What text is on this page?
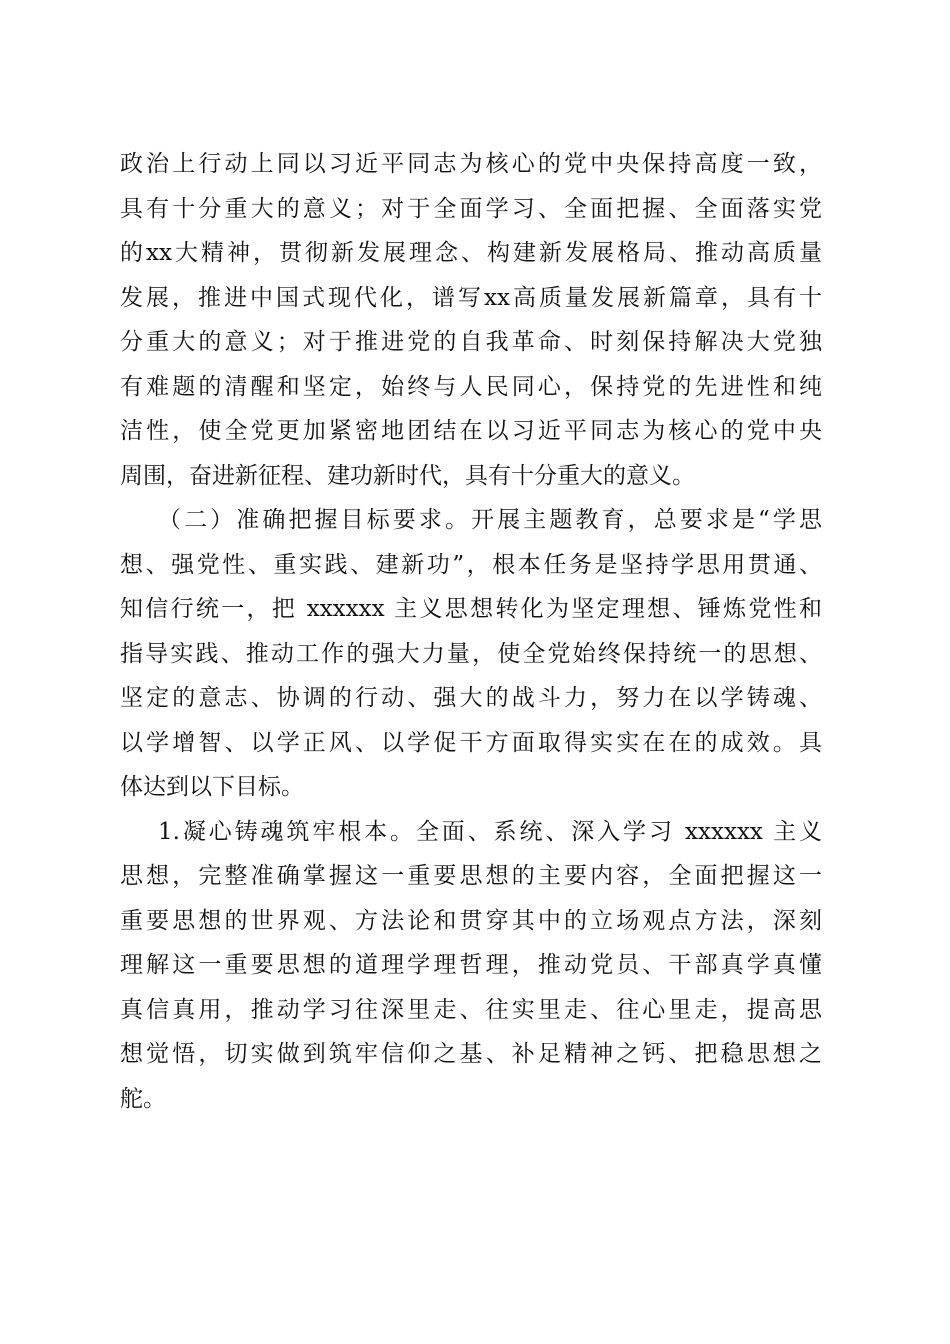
政治上行动上同以习近平同志为核心的党中央保持高度一致，
具有十分重大的意义；对于全面学习、全面把握、全面落实党
的xx大精神，贯彻新发展理念、构建新发展格局、推动高质量
发展，推进中国式现代化，谱写xx高质量发展新篇章，具有十
分重大的意义；对于推进党的自我革命、时刻保持解决大党独
有难题的清醒和坚定，始终与人民同心，保持党的先进性和纯
洁性，使全党更加紧密地团结在以习近平同志为核心的党中央
周围，奋进新征程、建功新时代，具有十分重大的意义。
（二）准确把握目标要求。开展主题教育，总要求是“学思
想、强党性、重实践、建新功”，根本任务是坚持学思用贯通、
知信行统一，把 xxxxxx 主义思想转化为坚定理想、锤炼党性和
指导实践、推动工作的强大力量，使全党始终保持统一的思想、
坚定的意志、协调的行动、强大的战斗力，努力在以学铸魂、
以学增智、以学正风、以学促干方面取得实实在在的成效。具
体达到以下目标。
1.凝心铸魂筑牢根本。全面、系统、深入学习 xxxxxx 主义
思想，完整准确掌握这一重要思想的主要内容，全面把握这一
重要思想的世界观、方法论和贯穿其中的立场观点方法，深刻
理解这一重要思想的道理学理哲理，推动党员、干部真学真懂
真信真用，推动学习往深里走、往实里走、往心里走，提高思
想觉悟，切实做到筑牢信仰之基、补足精神之钙、把稳思想之
舵。
